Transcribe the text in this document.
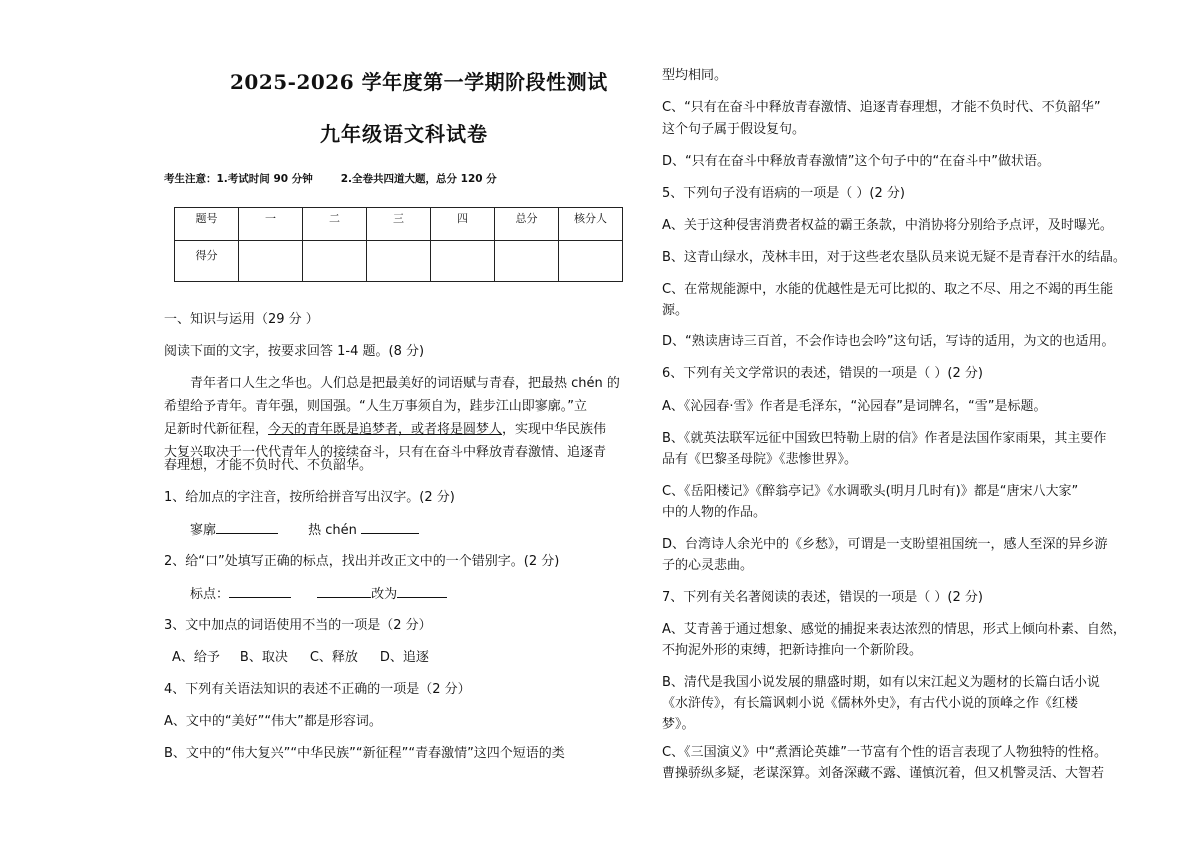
2025-2026 学年度第一学期阶段性测试
九年级语文科试卷
考生注意：1.考试时间 90 分钟	2.全卷共四道大题，总分 120 分
题号	一	二	三	四	总分	核分人
得分						
一、知识与运用（29 分 ）
阅读下面的文字，按要求回答 1-4 题。(8 分)
青年者口人生之华也。人们总是把最美好的词语赋与青春，把最热 chén 的
希望给予青年。青年强，则国强。“人生万事须自为，跬步江山即寥廓。”立
足新时代新征程，今天的青年既是追梦者，或者将是圆梦人，实现中华民族伟
大复兴取决于一代代青年人的接续奋斗，只有在奋斗中释放青春激情、追逐青
春理想，才能不负时代、不负韶华。
1、给加点的字注音，按所给拼音写出汉字。(2 分)
寥廓	热 chén
2、给“口”处填写正确的标点，找出并改正文中的一个错别字。(2 分)
标点：	改为
3、文中加点的词语使用不当的一项是（2 分）
A、给予 B、取决 C、释放 D、追逐
4、下列有关语法知识的表述不正确的一项是（2 分）
A、文中的“美好”“伟大”都是形容词。
B、文中的“伟大复兴”“中华民族”“新征程”“青春激情”这四个短语的类
型均相同。
C、“只有在奋斗中释放青春激情、追逐青春理想，才能不负时代、不负韶华”
这个句子属于假设复句。
D、“只有在奋斗中释放青春激情”这个句子中的“在奋斗中”做状语。
5、下列句子没有语病的一项是（ ）(2 分)
A、关于这种侵害消费者权益的霸王条款，中消协将分别给予点评，及时曝光。
B、这青山绿水，茂林丰田，对于这些老农垦队员来说无疑不是青春汗水的结晶。
C、在常规能源中，水能的优越性是无可比拟的、取之不尽、用之不竭的再生能
源。
D、“熟读唐诗三百首，不会作诗也会吟”这句话，写诗的适用，为文的也适用。
6、下列有关文学常识的表述，错误的一项是（ ）(2 分)
A、《沁园春·雪》作者是毛泽东，“沁园春”是词牌名，“雪”是标题。
B、《就英法联军远征中国致巴特勒上尉的信》作者是法国作家雨果，其主要作
品有《巴黎圣母院》《悲惨世界》。
C、《岳阳楼记》《醉翁亭记》《水调歌头(明月几时有)》都是“唐宋八大家”
中的人物的作品。
D、台湾诗人余光中的《乡愁》，可谓是一支盼望祖国统一，感人至深的异乡游
子的心灵悲曲。
7、下列有关名著阅读的表述，错误的一项是（ ）(2 分)
A、艾青善于通过想象、感觉的捕捉来表达浓烈的情思，形式上倾向朴素、自然，
不拘泥外形的束缚，把新诗推向一个新阶段。
B、清代是我国小说发展的鼎盛时期，如有以宋江起义为题材的长篇白话小说
《水浒传》，有长篇讽刺小说《儒林外史》，有古代小说的顶峰之作《红楼
梦》。
C、《三国演义》中“煮酒论英雄”一节富有个性的语言表现了人物独特的性格。
曹操骄纵多疑，老谋深算。刘备深藏不露、谨慎沉着，但又机警灵活、大智若
